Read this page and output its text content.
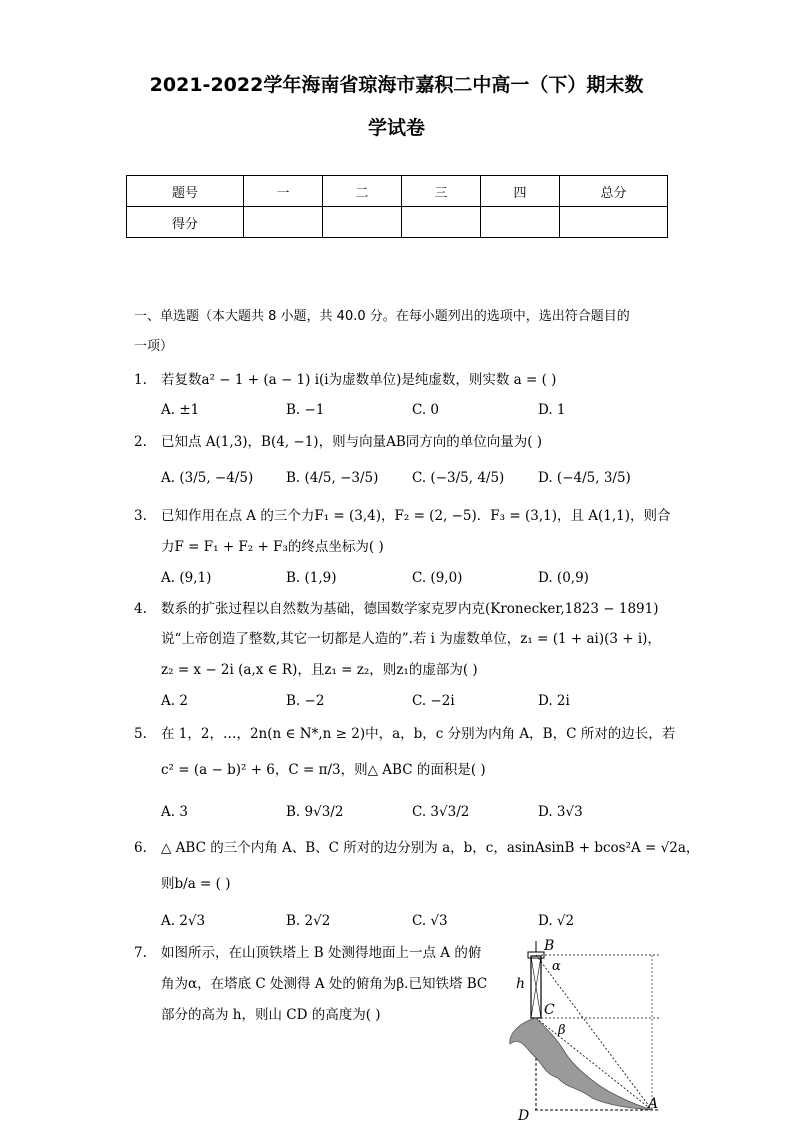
2021-2022学年海南省琼海市嘉积二中高一（下）期末数
学试卷
题号	一	二	三	四	总分
得分					
一、单选题（本大题共 8 小题，共 40.0 分。在每小题列出的选项中，选出符合题目的
一项）
1. 若复数a² − 1 + (a − 1) i(i为虚数单位)是纯虚数，则实数 a = ( )
A. ±1	B. −1	C. 0	D. 1
2. 已知点 A(1,3)，B(4, −1)，则与向量AB同方向的单位向量为( )
A. (3/5, −4/5) B. (4/5, −3/5) C. (−3/5, 4/5) D. (−4/5, 3/5)
3. 已知作用在点 A 的三个力F₁ = (3,4)，F₂ = (2, −5)．F₃ = (3,1)，且 A(1,1)，则合
力F = F₁ + F₂ + F₃的终点坐标为( )
A. (9,1)	B. (1,9)	C. (9,0)	D. (0,9)
4. 数系的扩张过程以自然数为基础，德国数学家克罗内克(Kronecker,1823 − 1891)
说“上帝创造了整数,其它一切都是人造的”.若 i 为虚数单位，z₁ = (1 + ai)(3 + i)，
z₂ = x − 2i (a,x ∈ R)，且z₁ = z₂，则z₁的虚部为( )
A. 2	B. −2	C. −2i	D. 2i
5. 在 1，2，…，2n(n ∈ N*,n ≥ 2)中，a，b，c 分别为内角 A，B，C 所对的边长，若
c² = (a − b)² + 6，C = π/3，则△ ABC 的面积是( )
A. 3	B. 9√3/2	C. 3√3/2	D. 3√3
6. △ ABC 的三个内角 A、B、C 所对的边分别为 a，b，c，asinAsinB + bcos²A = √2a，
则b/a = ( )
A. 2√3	B. 2√2	C. √3	D. √2
7. 如图所示，在山顶铁塔上 B 处测得地面上一点 A 的俯
角为α，在塔底 C 处测得 A 处的俯角为β.已知铁塔 BC
部分的高为 h，则山 CD 的高度为( )
B
α
h
C
β
D
A
